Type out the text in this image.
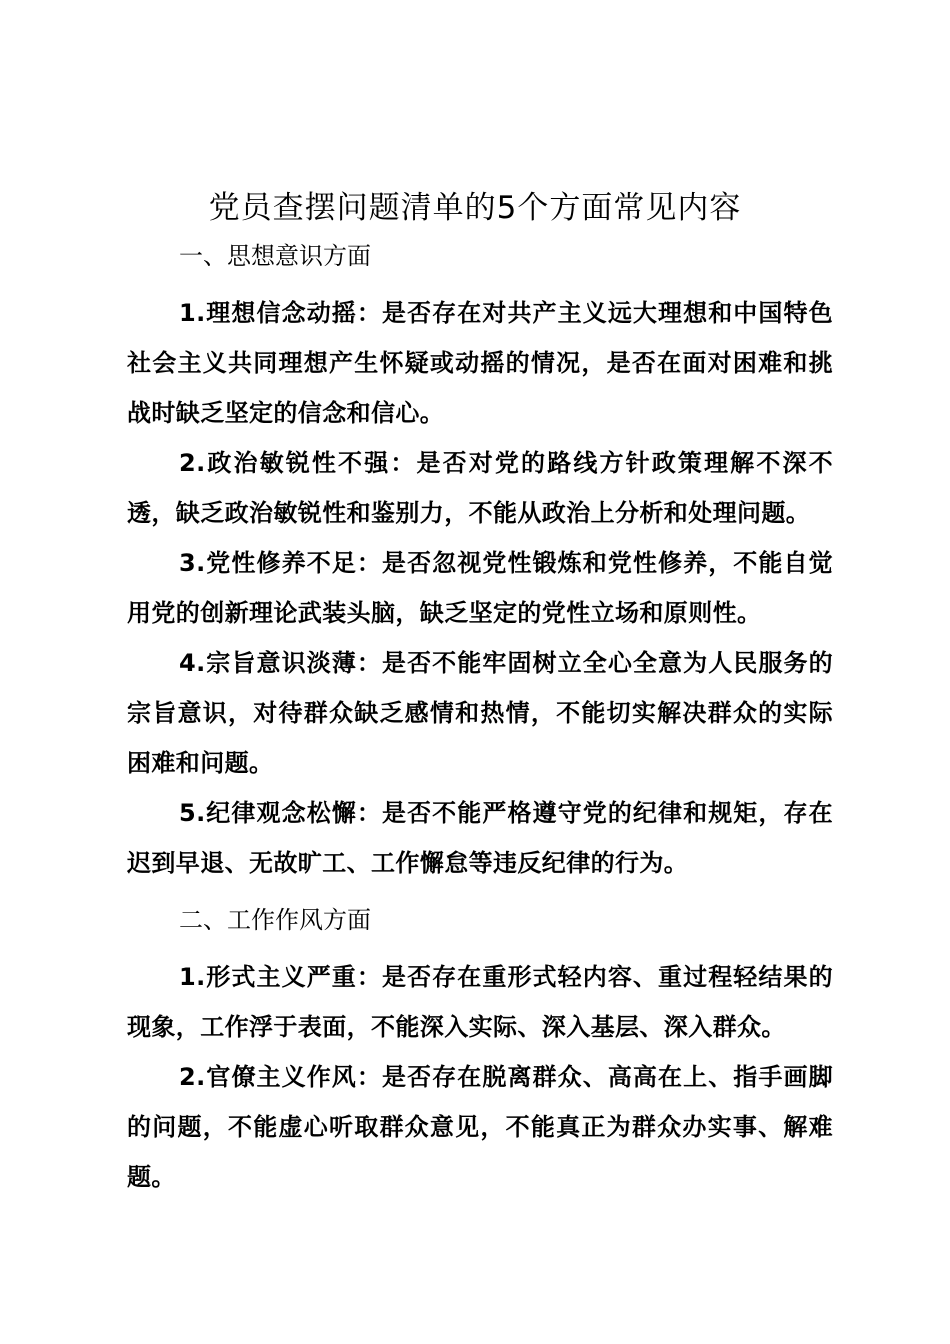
党员查摆问题清单的5个方面常见内容
一、思想意识方面

1.理想信念动摇：是否存在对共产主义远大理想和中国特色社会主义共同理想产生怀疑或动摇的情况，是否在面对困难和挑战时缺乏坚定的信念和信心。

2.政治敏锐性不强：是否对党的路线方针政策理解不深不透，缺乏政治敏锐性和鉴别力，不能从政治上分析和处理问题。

3.党性修养不足：是否忽视党性锻炼和党性修养，不能自觉用党的创新理论武装头脑，缺乏坚定的党性立场和原则性。

4.宗旨意识淡薄：是否不能牢固树立全心全意为人民服务的宗旨意识，对待群众缺乏感情和热情，不能切实解决群众的实际困难和问题。

5.纪律观念松懈：是否不能严格遵守党的纪律和规矩，存在迟到早退、无故旷工、工作懈怠等违反纪律的行为。

二、工作作风方面

1.形式主义严重：是否存在重形式轻内容、重过程轻结果的现象，工作浮于表面，不能深入实际、深入基层、深入群众。

2.官僚主义作风：是否存在脱离群众、高高在上、指手画脚的问题，不能虚心听取群众意见，不能真正为群众办实事、解难题。
